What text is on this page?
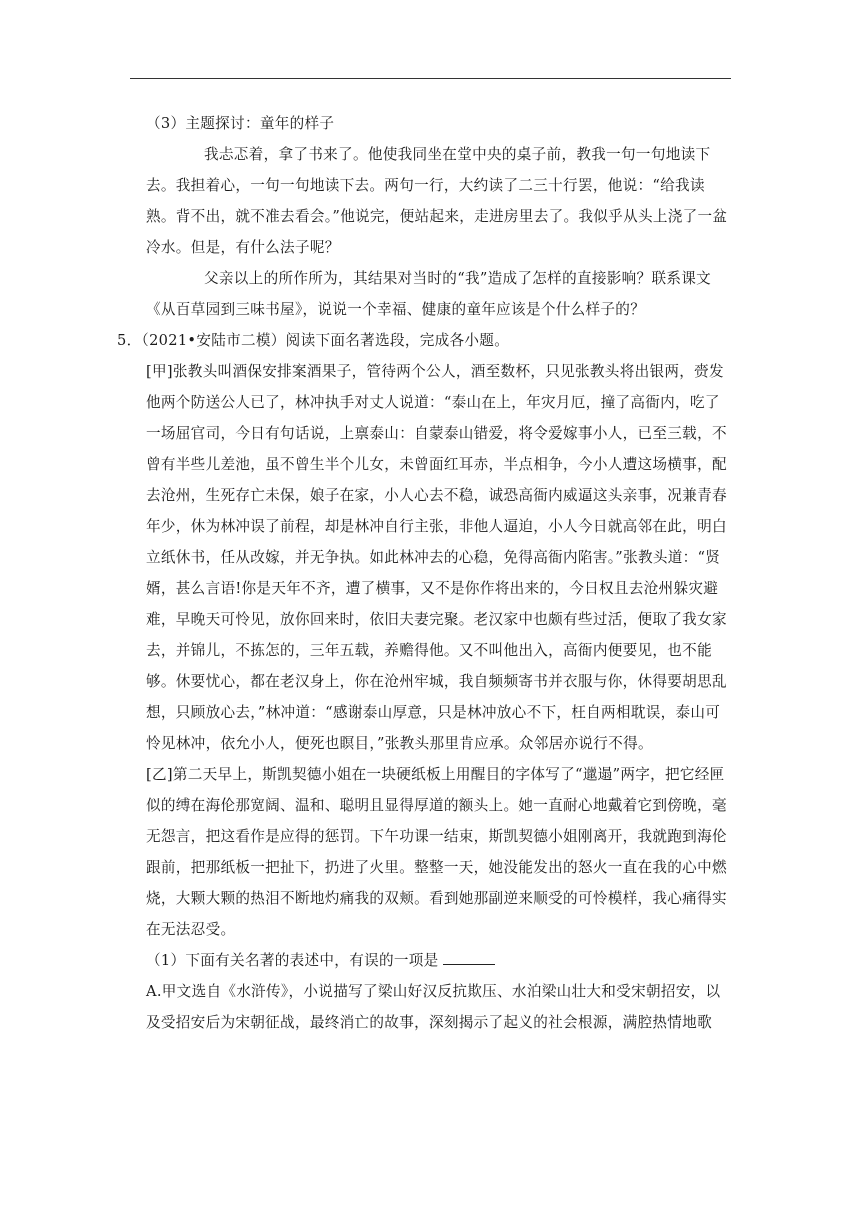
（3）主题探讨：童年的样子

我忐忑着，拿了书来了。他使我同坐在堂中央的桌子前，教我一句一句地读下去。我担着心，一句一句地读下去。两句一行，大约读了二三十行罢，他说：“给我读熟。背不出，就不准去看会。”他说完，便站起来，走进房里去了。我似乎从头上浇了一盆冷水。但是，有什么法子呢？

父亲以上的所作所为，其结果对当时的“我”造成了怎样的直接影响？联系课文《从百草园到三味书屋》，说说一个幸福、健康的童年应该是个什么样子的？

5．（2021•安陆市二模）阅读下面名著选段，完成各小题。

[甲]张教头叫酒保安排案酒果子，管待两个公人，酒至数杯，只见张教头将出银两，赍发他两个防送公人已了，林冲执手对丈人说道：“泰山在上，年灾月厄，撞了高衙内，吃了一场屈官司，今日有句话说，上禀泰山：自蒙泰山错爱，将令爱嫁事小人，已至三载，不曾有半些儿差池，虽不曾生半个儿女，未曾面红耳赤，半点相争，今小人遭这场横事，配去沧州，生死存亡未保，娘子在家，小人心去不稳，诚恐高衙内威逼这头亲事，况兼青春年少，休为林冲误了前程，却是林冲自行主张，非他人逼迫，小人今日就高邻在此，明白立纸休书，任从改嫁，并无争执。如此林冲去的心稳，免得高衙内陷害。”张教头道：“贤婿，甚么言语!你是天年不齐，遭了横事，又不是你作将出来的，今日权且去沧州躲灾避难，早晚天可怜见，放你回来时，依旧夫妻完聚。老汉家中也颇有些过活，便取了我女家去，并锦儿，不拣怎的，三年五载，养赡得他。又不叫他出入，高衙内便要见，也不能够。休要忧心，都在老汉身上，你在沧州牢城，我自频频寄书并衣服与你，休得要胡思乱想，只顾放心去，”林冲道：“感谢泰山厚意，只是林冲放心不下，枉自两相耽误，泰山可怜见林冲，依允小人，便死也瞑目，”张教头那里肯应承。众邻居亦说行不得。

[乙]第二天早上，斯凯契德小姐在一块硬纸板上用醒目的字体写了“邋遢”两字，把它经匣似的缚在海伦那宽阔、温和、聪明且显得厚道的额头上。她一直耐心地戴着它到傍晚，毫无怨言，把这看作是应得的惩罚。下午功课一结束，斯凯契德小姐刚离开，我就跑到海伦跟前，把那纸板一把扯下，扔进了火里。整整一天，她没能发出的怒火一直在我的心中燃烧，大颗大颗的热泪不断地灼痛我的双颊。看到她那副逆来顺受的可怜模样，我心痛得实在无法忍受。

（1）下面有关名著的表述中，有误的一项是

A.甲文选自《水浒传》，小说描写了梁山好汉反抗欺压、水泊梁山壮大和受宋朝招安，以及受招安后为宋朝征战，最终消亡的故事，深刻揭示了起义的社会根源，满腔热情地歌
